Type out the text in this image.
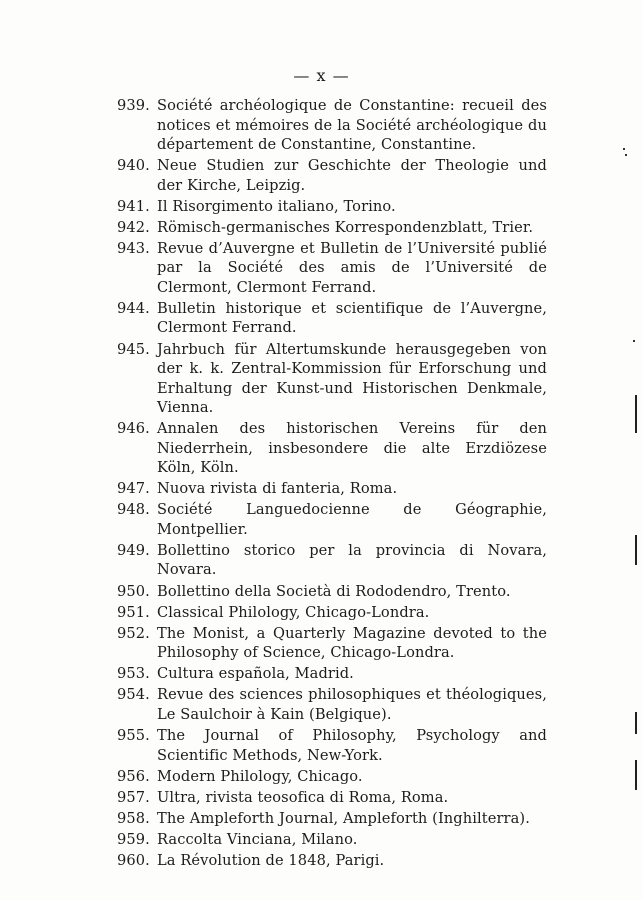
— x —
939. Société archéologique de Constantine: recueil des notices et mémoires de la Société archéologique du département de Constantine, Constantine.
940. Neue Studien zur Geschichte der Theologie und der Kirche, Leipzig.
941. Il Risorgimento italiano, Torino.
942. Römisch-germanisches Korrespondenzblatt, Trier.
943. Revue d’Auvergne et Bulletin de l’Université publié par la Société des amis de l’Université de Clermont, Clermont Ferrand.
944. Bulletin historique et scientifique de l’Auvergne, Clermont Ferrand.
945. Jahrbuch für Altertumskunde herausgegeben von der k. k. Zentral-Kommission für Erforschung und Erhaltung der Kunst-und Historischen Denkmale, Vienna.
946. Annalen des historischen Vereins für den Niederrhein, insbesondere die alte Erzdiözese Köln, Köln.
947. Nuova rivista di fanteria, Roma.
948. Société Languedocienne de Géographie, Montpellier.
949. Bollettino storico per la provincia di Novara, Novara.
950. Bollettino della Società di Rododendro, Trento.
951. Classical Philology, Chicago-Londra.
952. The Monist, a Quarterly Magazine devoted to the Philosophy of Science, Chicago-Londra.
953. Cultura española, Madrid.
954. Revue des sciences philosophiques et théologiques, Le Saulchoir à Kain (Belgique).
955. The Journal of Philosophy, Psychology and Scientific Methods, New-York.
956. Modern Philology, Chicago.
957. Ultra, rivista teosofica di Roma, Roma.
958. The Ampleforth Journal, Ampleforth (Inghilterra).
959. Raccolta Vinciana, Milano.
960. La Révolution de 1848, Parigi.
